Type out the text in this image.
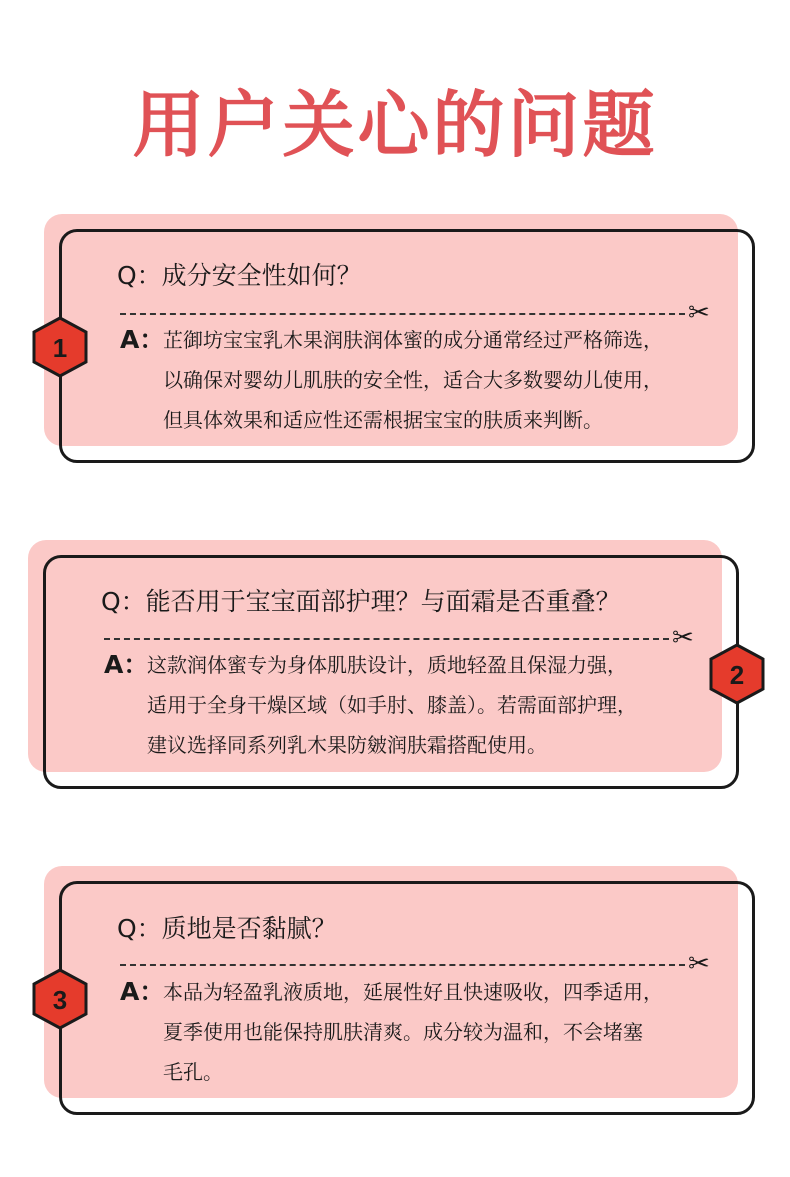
用户关心的问题
Q：成分安全性如何？
✂
1 A：
芷御坊宝宝乳木果润肤润体蜜的成分通常经过严格筛选，
以确保对婴幼儿肌肤的安全性，适合大多数婴幼儿使用，
但具体效果和适应性还需根据宝宝的肤质来判断。
Q：能否用于宝宝面部护理？与面霜是否重叠？
✂
2
A：
这款润体蜜专为身体肌肤设计，质地轻盈且保湿力强，
适用于全身干燥区域（如手肘、膝盖）。若需面部护理，
建议选择同系列乳木果防皴润肤霜搭配使用。
Q：质地是否黏腻？
✂
3 A：
本品为轻盈乳液质地，延展性好且快速吸收，四季适用，
夏季使用也能保持肌肤清爽。成分较为温和，不会堵塞
毛孔。
